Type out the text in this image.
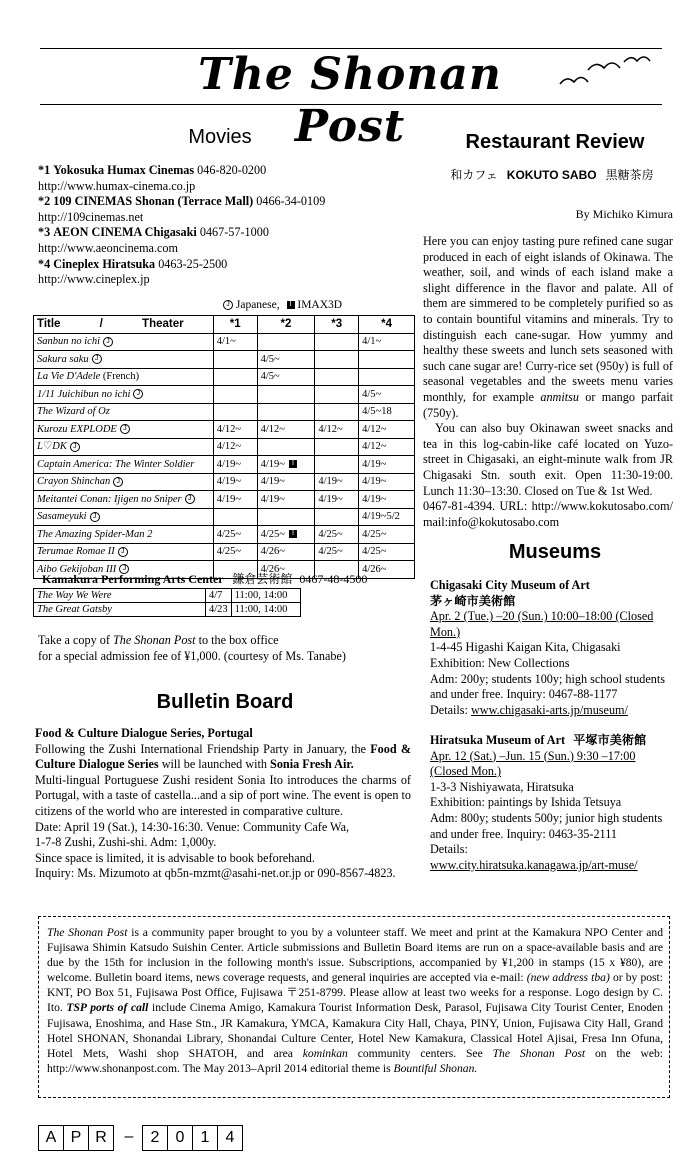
The Shonan Post
Movies
*1 Yokosuka Humax Cinemas 046-820-0200
http://www.humax-cinema.co.jp
*2 109 CINEMAS Shonan (Terrace Mall) 0466-34-0109
http://109cinemas.net
*3 AEON CINEMA Chigasaki 0467-57-1000
http://www.aeoncinema.com
*4 Cineplex Hiratsuka 0463-25-2500
http://www.cineplex.jp
J Japanese, I IMAX3D
Title / Theater	*1	*2	*3	*4
Sanbun no ichi J	4/1~			4/1~
Sakura saku J		4/5~		
La Vie D'Adele (French)		4/5~		
1/11 Juichibun no ichi J				4/5~
The Wizard of Oz				4/5~18
Kurozu EXPLODE J	4/12~	4/12~	4/12~	4/12~
L♡DK J	4/12~			4/12~
Captain America: The Winter Soldier	4/19~	4/19~ I		4/19~
Crayon Shinchan J	4/19~	4/19~	4/19~	4/19~
Meitantei Conan: Ijigen no Sniper J	4/19~	4/19~	4/19~	4/19~
Sasameyuki J				4/19~5/2
The Amazing Spider-Man 2	4/25~	4/25~ I	4/25~	4/25~
Terumae Romae II J	4/25~	4/26~	4/25~	4/25~
Aibo Gekijoban III J		4/26~		4/26~
Kamakura Performing Arts Center 鎌倉芸術館 0467-48-4500
The Way We Were	4/7	11:00, 14:00
The Great Gatsby	4/23	11:00, 14:00
Take a copy of The Shonan Post to the box office
for a special admission fee of ¥1,000. (courtesy of Ms. Tanabe)
Bulletin Board
Food & Culture Dialogue Series, Portugal

Following the Zushi International Friendship Party in January, the Food & Culture Dialogue Series will be launched with Sonia Fresh Air.

Multi-lingual Portuguese Zushi resident Sonia Ito introduces the charms of Portugal, with a taste of castella...and a sip of port wine. The event is open to citizens of the world who are interested in comparative culture.

Date: April 19 (Sat.), 14:30-16:30. Venue: Community Cafe Wa,
1-7-8 Zushi, Zushi-shi. Adm: 1,000y.
Since space is limited, it is advisable to book beforehand.
Inquiry: Ms. Mizumoto at qb5n-mzmt@asahi-net.or.jp or 090-8567-4823.
Restaurant Review
和カフェ KOKUTO SABO 黒糖茶房
By Michiko Kimura

Here you can enjoy tasting pure refined cane sugar produced in each of eight islands of Okinawa. The weather, soil, and winds of each island make a slight difference in the flavor and palate. All of them are simmered to be completely purified so as to contain bountiful vitamins and minerals. Try to distinguish each cane-sugar. How yummy and healthy these sweets and lunch sets seasoned with such cane sugar are! Curry-rice set (950y) is full of seasonal vegetables and the sweets menu varies monthly, for example anmitsu or mango parfait (750y).

You can also buy Okinawan sweet snacks and tea in this log-cabin-like café located on Yuzo-street in Chigasaki, an eight-minute walk from JR Chigasaki Stn. south exit. Open 11:30-19:00. Lunch 11:30–13:30. Closed on Tue & 1st Wed.

0467-81-4394. URL: http://www.kokutosabo.com/ mail:info@kokutosabo.com

Museums
Chigasaki City Museum of Art
茅ヶ崎市美術館
Apr. 2 (Tue.) –20 (Sun.) 10:00–18:00 (Closed Mon.)
1-4-45 Higashi Kaigan Kita, Chigasaki
Exhibition: New Collections
Adm: 200y; students 100y; high school students and under free. Inquiry: 0467-88-1177
Details: www.chigasaki-arts.jp/museum/
Hiratsuka Museum of Art 平塚市美術館
Apr. 12 (Sat.) –Jun. 15 (Sun.) 9:30 –17:00 (Closed Mon.)
1-3-3 Nishiyawata, Hiratsuka
Exhibition: paintings by Ishida Tetsuya
Adm: 800y; students 500y; junior high students and under free. Inquiry: 0463-35-2111
Details:
www.city.hiratsuka.kanagawa.jp/art-muse/

The Shonan Post is a community paper brought to you by a volunteer staff. We meet and print at the Kamakura NPO Center and Fujisawa Shimin Katsudo Suishin Center. Article submissions and Bulletin Board items are run on a space-available basis and are due by the 15th for inclusion in the following month's issue. Subscriptions, accompanied by ¥1,200 in stamps (15 x ¥80), are welcome. Bulletin board items, news coverage requests, and general inquiries are accepted via e-mail: (new address tba) or by post: KNT, PO Box 51, Fujisawa Post Office, Fujisawa 〒251-8799. Please allow at least two weeks for a response. Logo design by C. Ito. TSP ports of call include Cinema Amigo, Kamakura Tourist Information Desk, Parasol, Fujisawa City Tourist Center, Enoden Fujisawa, Enoshima, and Hase Stn., JR Kamakura, YMCA, Kamakura City Hall, Chaya, PINY, Union, Fujisawa City Hall, Grand Hotel SHONAN, Shonandai Library, Shonandai Culture Center, Hotel New Kamakura, Classical Hotel Ajisai, Fresa Inn Ofuna, Hotel Mets, Washi shop SHATOH, and area kominkan community centers. See The Shonan Post on the web: http://www.shonanpost.com. The May 2013–April 2014 editorial theme is Bountiful Shonan.

A P R	–	2	0	1	4
